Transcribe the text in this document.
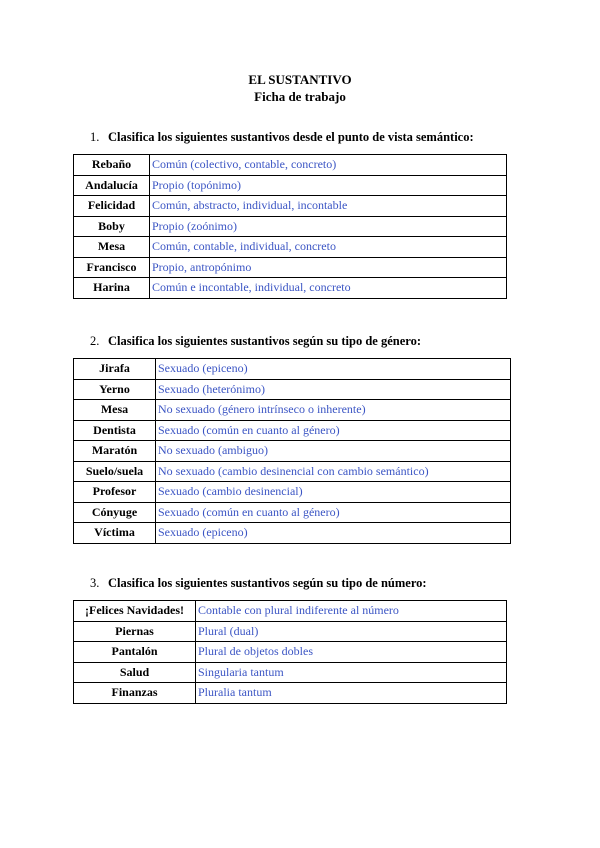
EL SUSTANTIVO
Ficha de trabajo
1. Clasifica los siguientes sustantivos desde el punto de vista semántico:
Rebaño	Común (colectivo, contable, concreto)
Andalucía	Propio (topónimo)
Felicidad	Común, abstracto, individual, incontable
Boby	Propio (zoónimo)
Mesa	Común, contable, individual, concreto
Francisco	Propio, antropónimo
Harina	Común e incontable, individual, concreto
2. Clasifica los siguientes sustantivos según su tipo de género:
Jirafa	Sexuado (epiceno)
Yerno	Sexuado (heterónimo)
Mesa	No sexuado (género intrínseco o inherente)
Dentista	Sexuado (común en cuanto al género)
Maratón	No sexuado (ambiguo)
Suelo/suela	No sexuado (cambio desinencial con cambio semántico)
Profesor	Sexuado (cambio desinencial)
Cónyuge	Sexuado (común en cuanto al género)
Víctima	Sexuado (epiceno)
3. Clasifica los siguientes sustantivos según su tipo de número:
¡Felices Navidades!	Contable con plural indiferente al número
Piernas	Plural (dual)
Pantalón	Plural de objetos dobles
Salud	Singularia tantum
Finanzas	Pluralia tantum
